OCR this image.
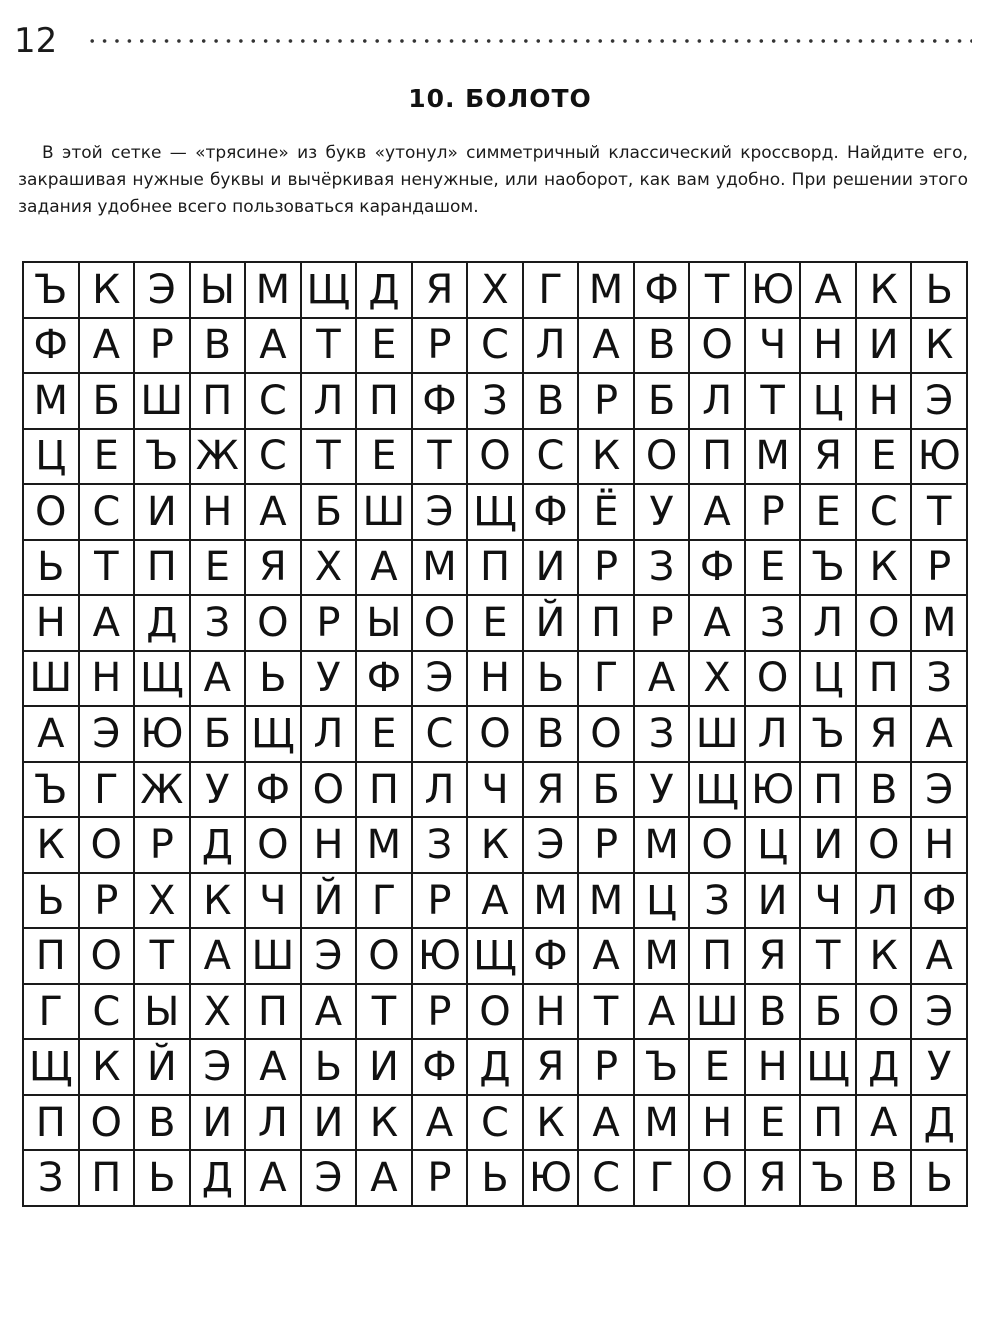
12
10. БОЛОТО
В этой сетке — «трясине» из букв «утонул» симметричный классический кроссворд. Найдите его, закрашивая нужные буквы и вычёркивая ненужные, или наоборот, как вам удобно. При решении этого задания удобнее всего пользоваться карандашом.
Ъ К Э Ы М Щ Д Я Х Г М Ф Т Ю А К Ь
Ф А Р В А Т Е Р С Л А В О Ч Н И К
М Б Ш П С Л П Ф З В Р Б Л Т Ц Н Э
Ц Е Ъ Ж С Т Е Т О С К О П М Я Е Ю
О С И Н А Б Ш Э Щ Ф Ё У А Р Е С Т
Ь Т П Е Я Х А М П И Р З Ф Е Ъ К Р
Н А Д З О Р Ы О Е Й П Р А З Л О М
Ш Н Щ А Ь У Ф Э Н Ь Г А Х О Ц П З
А Э Ю Б Щ Л Е С О В О З Ш Л Ъ Я А
Ъ Г Ж У Ф О П Л Ч Я Б У Щ Ю П В Э
К О Р Д О Н М З К Э Р М О Ц И О Н
Ь Р Х К Ч Й Г Р А М М Ц З И Ч Л Ф
П О Т А Ш Э О Ю Щ Ф А М П Я Т К А
Г С Ы Х П А Т Р О Н Т А Ш В Б О Э
Щ К Й Э А Ь И Ф Д Я Р Ъ Е Н Щ Д У
П О В И Л И К А С К А М Н Е П А Д
З П Ь Д А Э А Р Ь Ю С Г О Я Ъ В Ь
